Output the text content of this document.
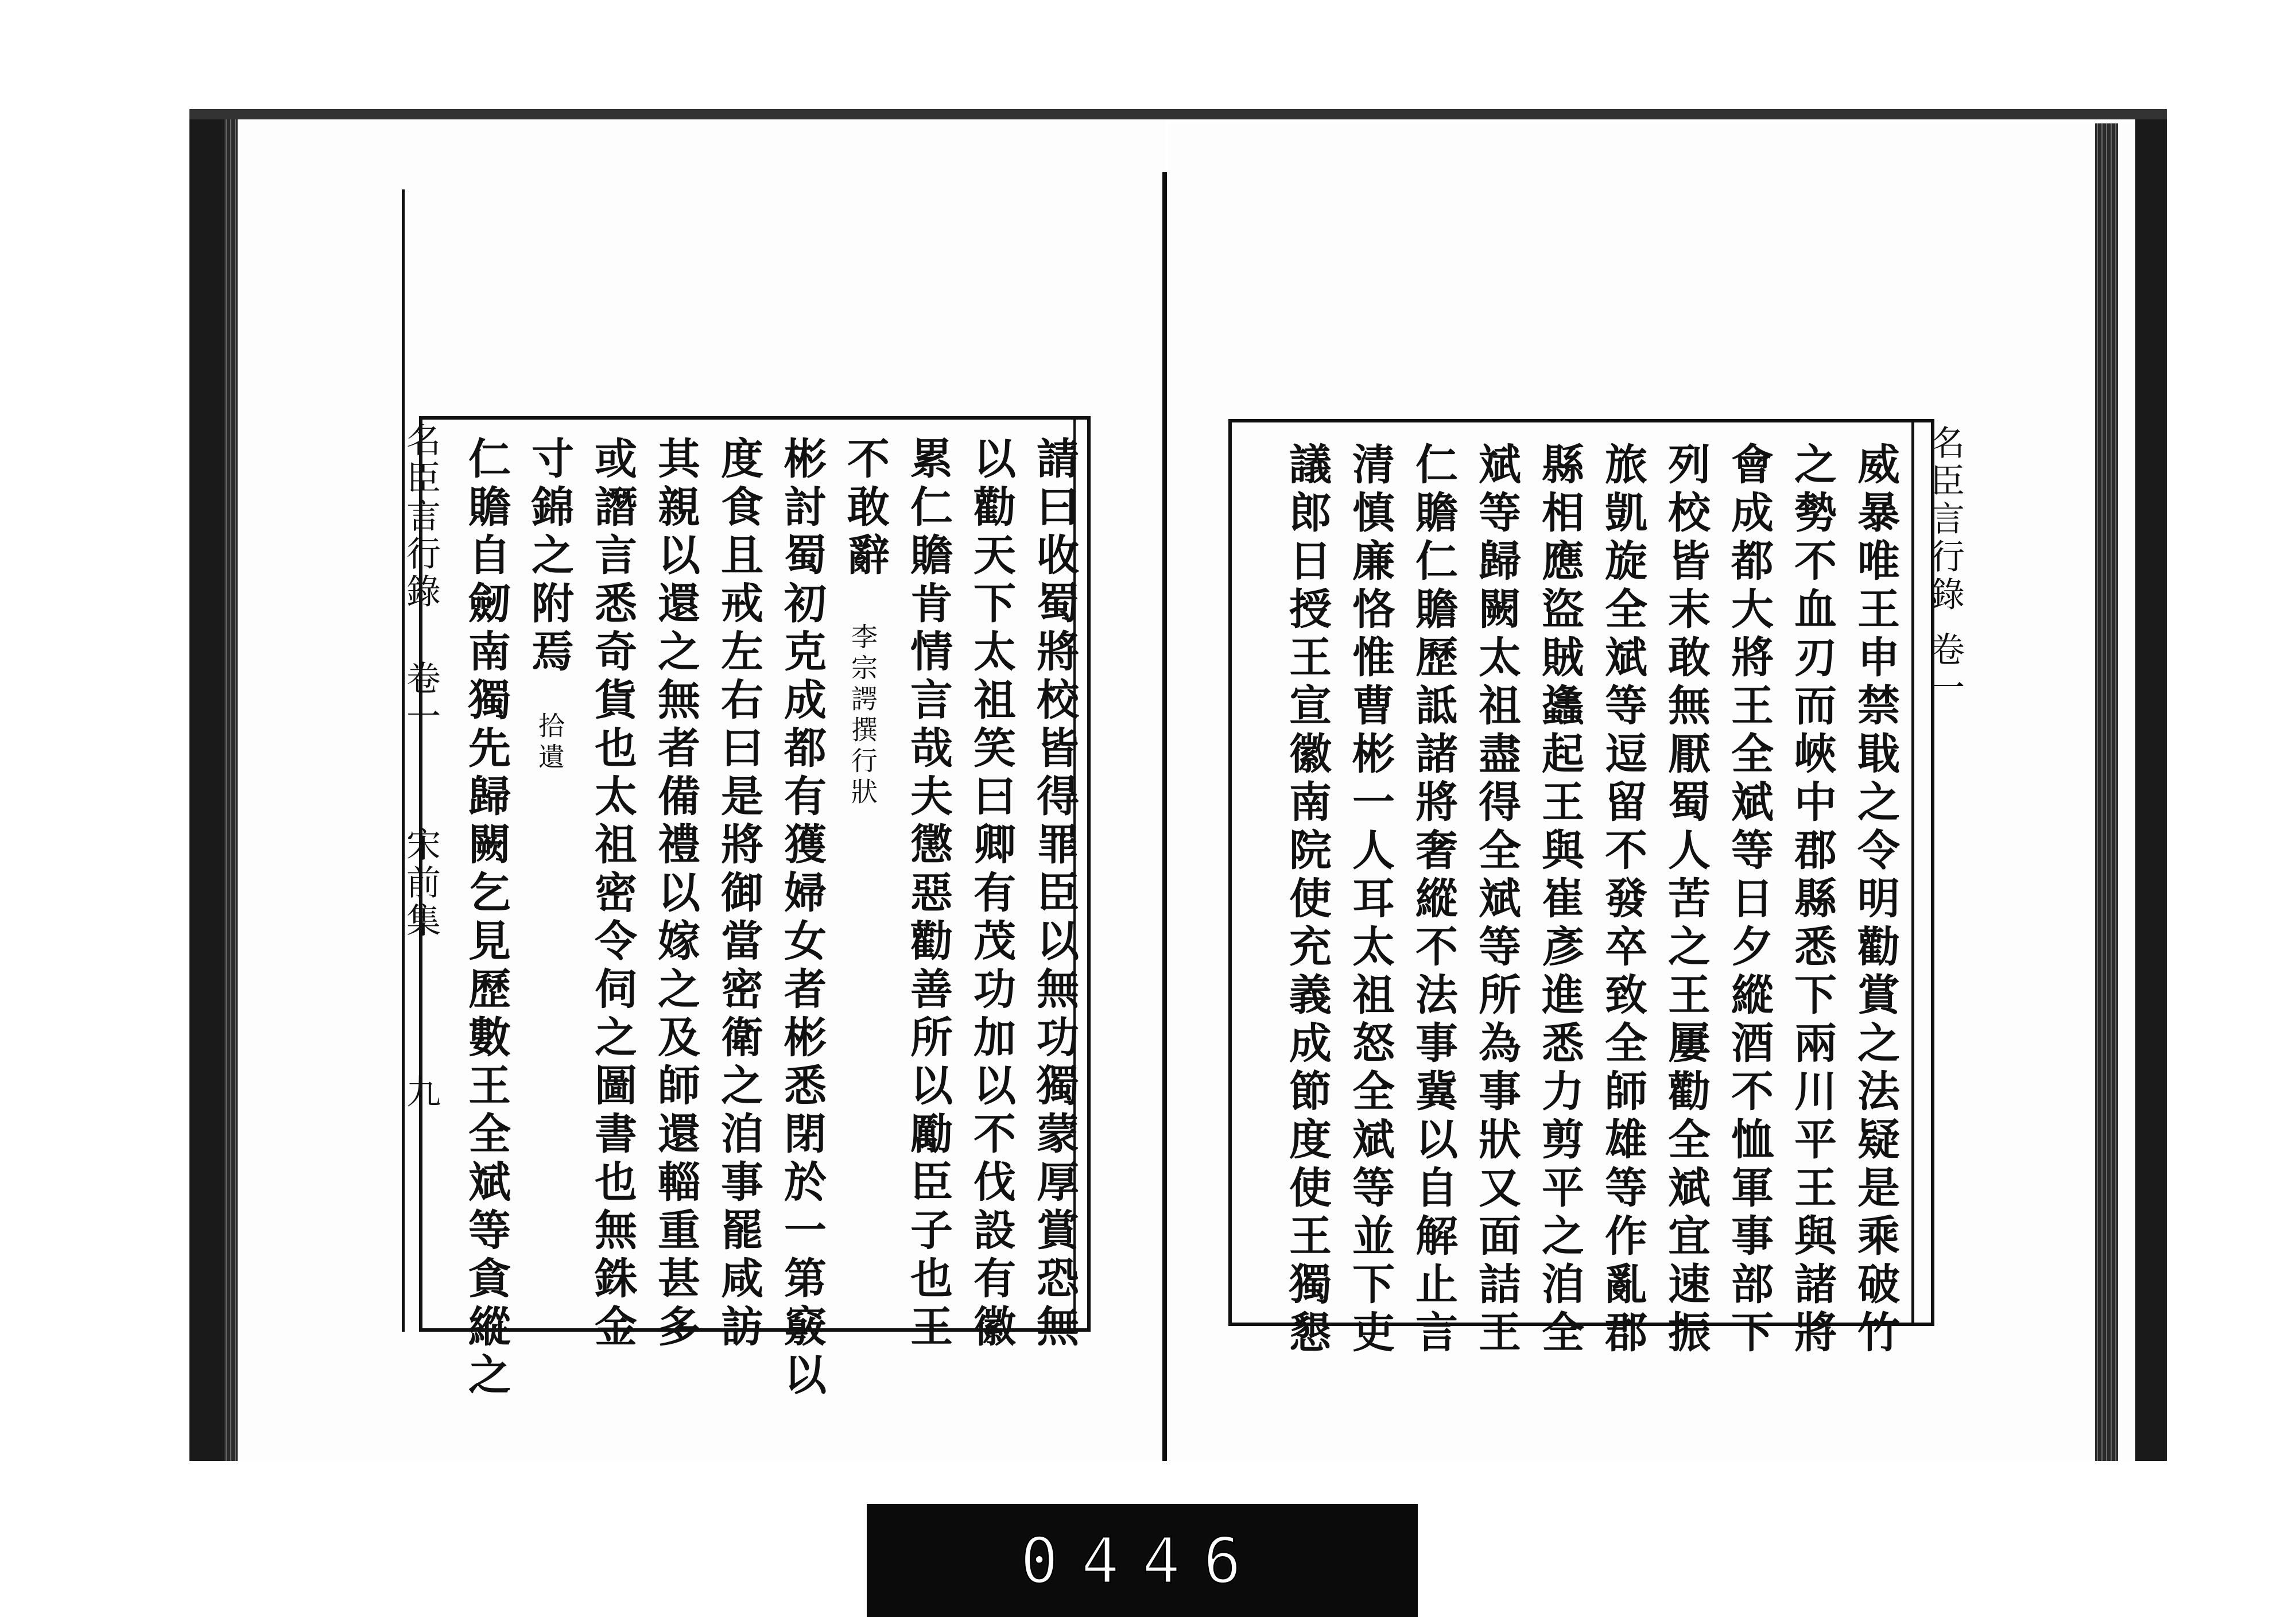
名臣言行錄
卷一
宋前集
九	請曰收蜀將校皆得罪臣以無功獨蒙厚賞恐無
以勸天下太祖笑曰卿有茂功加以不伐設有徽
累仁贍肯情言哉夫懲惡勸善所以勵臣子也王
不敢辭
李宗諤撰行狀
彬討蜀初克成都有獲婦女者彬悉閉於一第竅以
度食且戒左右曰是將御當密衛之洎事罷咸訪
其親以還之無者備禮以嫁之及師還輜重甚多
或譖言悉奇貨也太祖密令伺之圖書也無銖金
寸錦之附焉
拾遺
仁贍自劒南獨先歸闕乞見歷數王全斌等貪縱之	名臣言行錄
卷一
威暴唯王申禁戢之令明勸賞之法疑是乘破竹
之勢不血刃而峽中郡縣悉下兩川平王與諸將
會成都大將王全斌等日夕縱酒不恤軍事部下
列校皆末敢無厭蜀人苦之王屢勸全斌宜速振
旅凱旋全斌等逗留不發卒致全師雄等作亂郡
縣相應盜賊蠭起王與崔彥進悉力剪平之洎全
斌等歸闕太祖盡得全斌等所為事狀又面詰王
仁贍仁贍歷詆諸將奢縱不法事冀以自解止言
清慎廉恪惟曹彬一人耳太祖怒全斌等並下吏
議郎日授王宣徽南院使充義成節度使王獨懇
0446
